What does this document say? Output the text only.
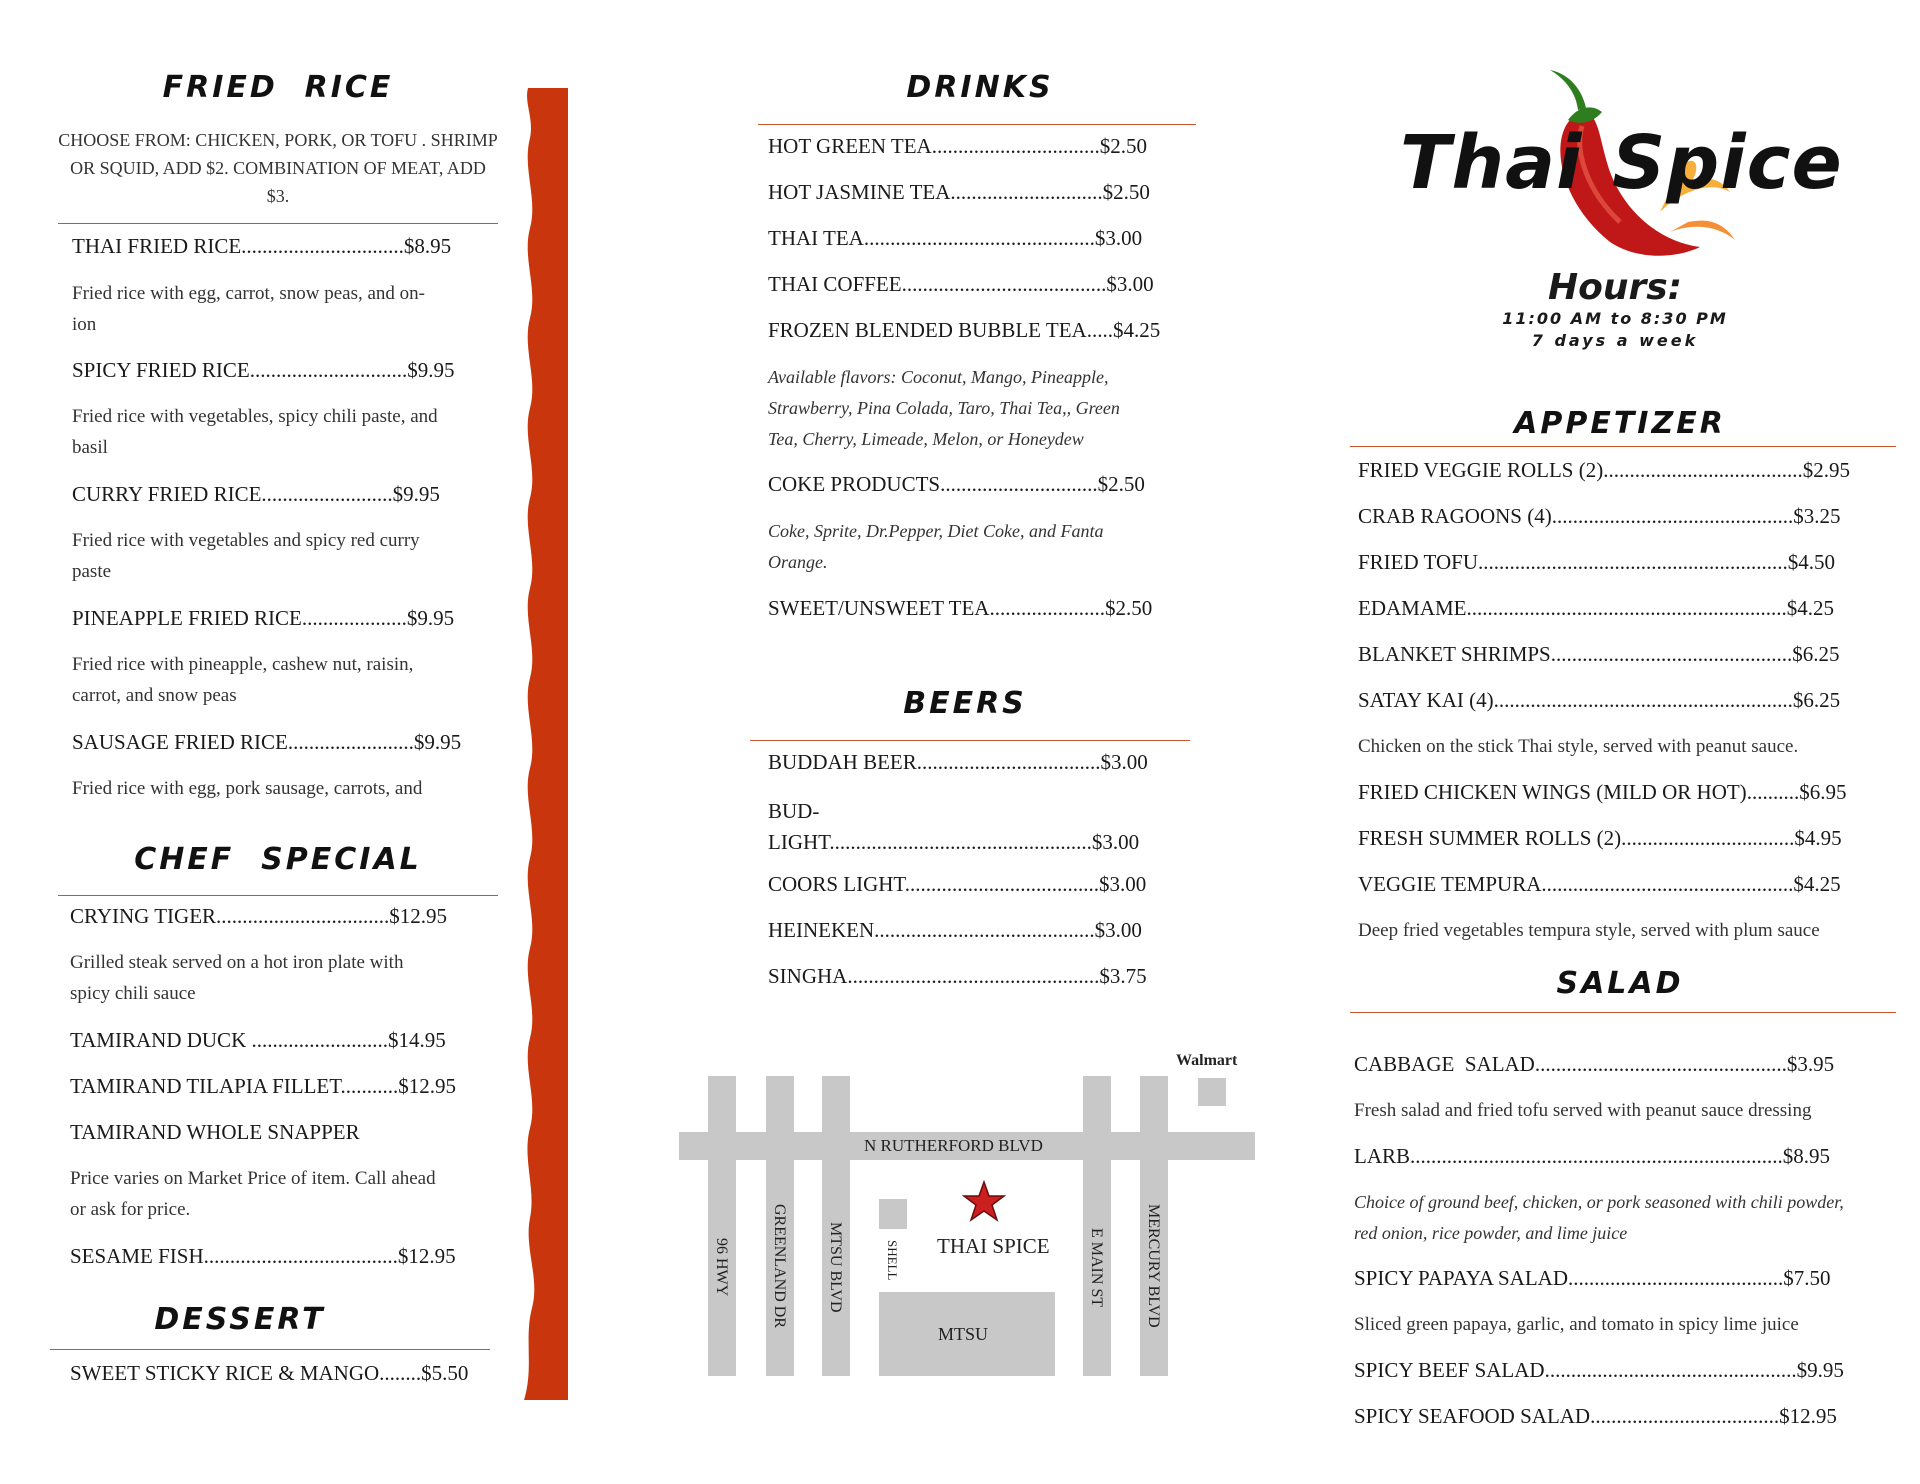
FRIED  RICE
CHOOSE FROM: CHICKEN, PORK, OR TOFU . SHRIMP OR SQUID, ADD $2. COMBINATION OF MEAT, ADD $3.
THAI FRIED RICE...............................$8.95
Fried rice with egg, carrot, snow peas, and on-
ion
SPICY FRIED RICE..............................$9.95
Fried rice with vegetables, spicy chili paste, and
basil
CURRY FRIED RICE.........................$9.95
Fried rice with vegetables and spicy red curry
paste
PINEAPPLE FRIED RICE....................$9.95
Fried rice with pineapple, cashew nut, raisin,
carrot, and snow peas
SAUSAGE FRIED RICE........................$9.95
Fried rice with egg, pork sausage, carrots, and
CHEF  SPECIAL
CRYING TIGER.................................$12.95
Grilled steak served on a hot iron plate with
spicy chili sauce
TAMIRAND DUCK ..........................$14.95
TAMIRAND TILAPIA FILLET...........$12.95
TAMIRAND WHOLE SNAPPER
Price varies on Market Price of item. Call ahead
or ask for price.
SESAME FISH.....................................$12.95
DESSERT
SWEET STICKY RICE & MANGO........$5.50
DRINKS
HOT GREEN TEA................................$2.50
HOT JASMINE TEA.............................$2.50
THAI TEA............................................$3.00
THAI COFFEE.......................................$3.00
FROZEN BLENDED BUBBLE TEA.....$4.25
Available flavors: Coconut, Mango, Pineapple,
Strawberry, Pina Colada, Taro, Thai Tea,, Green
Tea, Cherry, Limeade, Melon, or Honeydew
COKE PRODUCTS..............................$2.50
Coke, Sprite, Dr.Pepper, Diet Coke, and Fanta
Orange.
SWEET/UNSWEET TEA......................$2.50
BEERS
BUDDAH BEER...................................$3.00
BUD-
LIGHT..................................................$3.00
COORS LIGHT.....................................$3.00
HEINEKEN..........................................$3.00
SINGHA................................................$3.75
Walmart
N RUTHERFORD BLVD
96 HWY	GREENLAND DR MTSU BLVD	SHELL	E MAIN ST	MERCURY BLVD
MTSU
THAI SPICE
Thai Spice
Hours:
11:00 AM to 8:30 PM
7 days a week
APPETIZER
FRIED VEGGIE ROLLS (2)......................................$2.95
CRAB RAGOONS (4)..............................................$3.25
FRIED TOFU...........................................................$4.50
EDAMAME.............................................................$4.25
BLANKET SHRIMPS..............................................$6.25
SATAY KAI (4).........................................................$6.25
Chicken on the stick Thai style, served with peanut sauce.
FRIED CHICKEN WINGS (MILD OR HOT)..........$6.95
FRESH SUMMER ROLLS (2).................................$4.95
VEGGIE TEMPURA................................................$4.25
Deep fried vegetables tempura style, served with plum sauce
SALAD
CABBAGE  SALAD................................................$3.95
Fresh salad and fried tofu served with peanut sauce dressing
LARB.......................................................................$8.95
Choice of ground beef, chicken, or pork seasoned with chili powder,
red onion, rice powder, and lime juice
SPICY PAPAYA SALAD.........................................$7.50
Sliced green papaya, garlic, and tomato in spicy lime juice
SPICY BEEF SALAD................................................$9.95
SPICY SEAFOOD SALAD....................................$12.95
